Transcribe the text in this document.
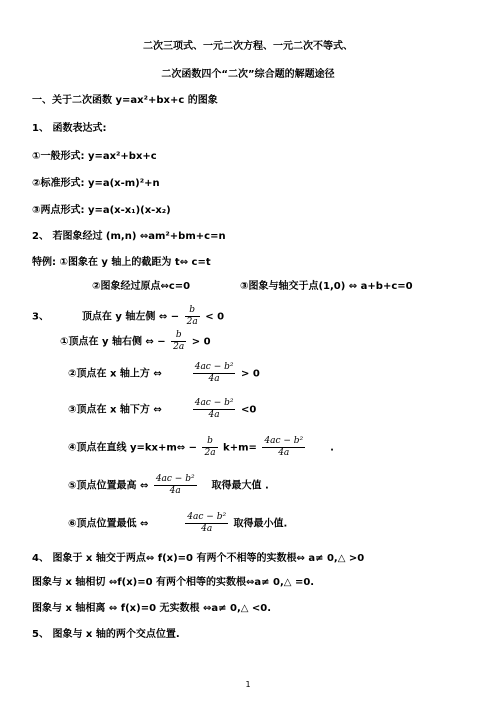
二次三项式、一元二次方程、一元二次不等式、
二次函数四个“二次”综合题的解题途径
一、关于二次函数 y=ax²+bx+c 的图象
1、 函数表达式:
①一般形式: y=ax²+bx+c
②标准形式: y=a(x-m)²+n
③两点形式: y=a(x-x₁)(x-x₂)
2、 若图象经过 (m,n) ⇔am²+bm+c=n
特例: ①图象在 y 轴上的截距为 t⇔ c=t
②图象经过原点⇔c=0	③图象与轴交于点(1,0) ⇔ a+b+c=0
3、	顶点在 y 轴左侧 ⇔ − $\frac{b}{2a} < 0$
①顶点在 y 轴右侧 ⇔ − $\frac{b}{2a} > 0$
②顶点在 x 轴上方 ⇔	$\frac{\text{4ac − b²}}{4a} > 0$
③顶点在 x 轴下方 ⇔	$\frac{\text{4ac − b²}}{4a} <0$
④顶点在直线 y=kx+m⇔ − $\frac{b}{2a} k+m= \frac{\text{4ac − b²}}{4a}$ .
⑤顶点位置最高 ⇔ $\frac{\text{4ac − b²}}{4a}$ 取得最大值 .
⑥顶点位置最低 ⇔	$\frac{\text{4ac − b²}}{4a}$ 取得最小值.
4、 图象于 x 轴交于两点⇔ f(x)=0 有两个不相等的实数根⇔ a≠ 0,△ >0
图象与 x 轴相切 ⇔f(x)=0 有两个相等的实数根⇔a≠ 0,△ =0.
图象与 x 轴相离 ⇔ f(x)=0 无实数根 ⇔a≠ 0,△ <0.
5、 图象与 x 轴的两个交点位置.
1
